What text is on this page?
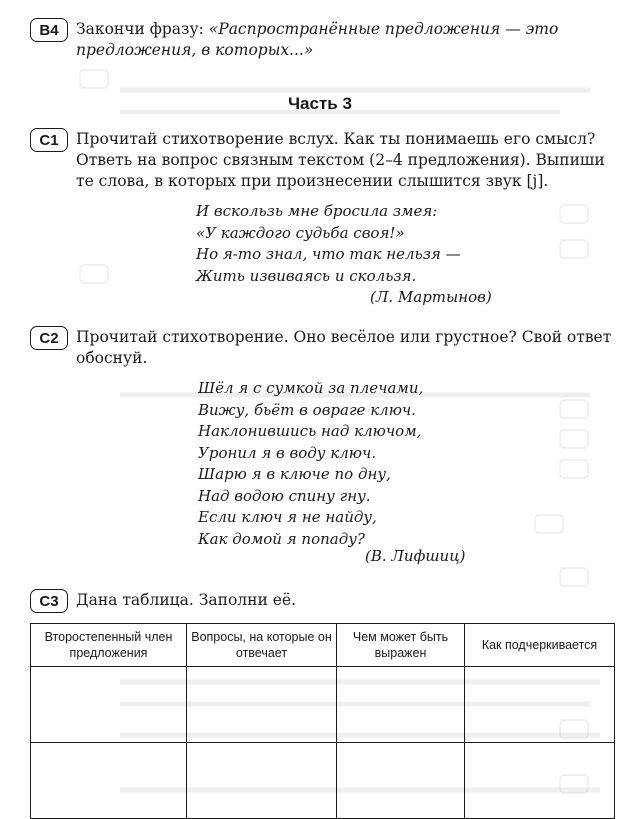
B4	Закончи фразу: «Распространённые предложения — это предложения, в которых...»
Часть 3
C1	Прочитай стихотворение вслух. Как ты понимаешь его смысл? Ответь на вопрос связным текстом (2–4 предложения). Выпиши те слова, в которых при произнесении слышится звук [j].
И вскользь мне бросила змея:
«У каждого судьба своя!»
Но я-то знал, что так нельзя —
Жить извиваясь и скользя.
(Л. Мартынов)
C2	Прочитай стихотворение. Оно весёлое или грустное? Свой ответ обоснуй.
Шёл я с сумкой за плечами,
Вижу, бьёт в овраге ключ.
Наклонившись над ключом,
Уронил я в воду ключ.
Шарю я в ключе по дну,
Над водою спину гну.
Если ключ я не найду,
Как домой я попаду?
(В. Лифшиц)
C3	Дана таблица. Заполни её.
Второстепенный член предложения	Вопросы, на которые он отвечает	Чем может быть выражен	Как подчеркивается
